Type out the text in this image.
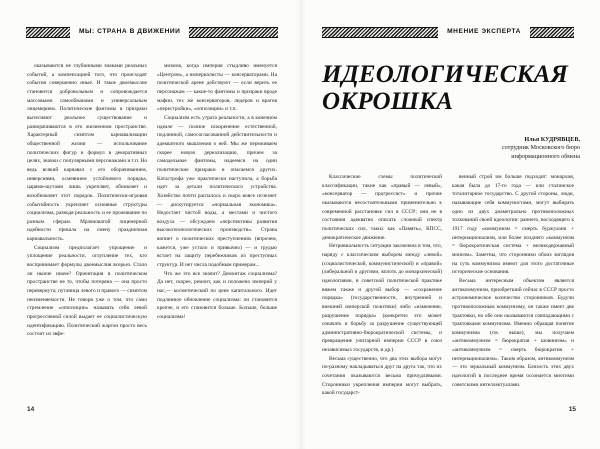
МЫ: СТРАНА В ДВИЖЕНИИ	МНЕНИЕ ЭКСПЕРТА
ИДЕОЛОГИЧЕСКАЯ ОКРОШКА
Илья КУДРЯВЦЕВ,
сотрудник Московского бюро
информационного обмена

оказываются не глубинными знаками реальных событий, а компенсацией того, что происходят события совершенно иные. И такое двоемыслие становится добровольным и сопровождается массовыми самообманами и универсальным лицемерием. Политические фантомы и призраки вытесняют реальное существование и разворачиваются в его жизненном пространстве. Характерный симптом карнавализации общественной жизни — использование политических фигур и формул в декоративных целях, значки с популярными персонажами и т.п. Но ведь всякий карнавал с его оборачиванием, инверсиями, осмеянием устойчивого порядка, царями-шутами лишь укрепляет, обновляет и возобновляет этот порядок. Политически-игровая событийность укрепляет основные структуры социализма, разводя реальность и ее проживание по разным сферам. Мрачноватой лицемерной идейности пришла на смену праздничная карнавальность.

Социализм предполагает упрощение и уплощение реальности, оглупление тех, кто воспринимает формулы двоемыслия всерьез. Стало ли нынче иначе? Ориентация в политическом пространстве не то, чтобы потеряна — она просто перевернута; путаница левого и правого — симптом неизменяемости. Не говоря уже о том, что само стремление «оппозиции» называть себя левой прогрессивной силой выдает ее социалистическую идентификацию. Политический жаргон просто весь состоит из эвфе-

мизмов, когда империя стыдливо именуется «Центром», а империалисты — консерваторами. На политической арене действуют — если верить ее персонажам — какие-то фантомы и призраки вроде мафии, тех же консерваторов, лидеров и врагов «перестройки», «оппозиции» и т.п.

Социализм есть утрата реальности, а в конечном идеале — полное искоренение естественной, подлинной, самосогласованной действительности и адекватного мышления о ней. Мы же переживаем скорее новую дереализацию, причем за самодельные фантомы, надеемся на одни политические призраки и опасаемся других. Катастрофа уже практически наступила, а борьба идет за детали политического устройства. Хозяйство почти распалось и скоро вовсе исчезнет — дискутируется «нормальная экономика». Недостает чистой воды, а местами и чистого воздуха — обсуждаем «перспективы развития высокотехнологических производств». Страна вопиет о политических преступлениях (впрочем, кажется, уже устало и привычно) — и грудью встает на защиту перебежчиков из преступных структур. И нет числа подобным примерам...

Что же это все значит? Демонтаж социализма? Да нет, скорее, ремонт, как и положено империй у нас,— косметический по цене капитального. Идет подлинное обновление социализма: он становится крепче, и его становится больше. Больше, больше социализма!

Классические схемы политической классификации, такие как «правый — левый», «консерватор — прогрессист» и прочие оказываются несостоятельными применительно к современной расстановке сил в СССР; они не в состоянии адекватно описать сложный спектр политических сил, таких как «Память», КПСС, демократическое движение.

Нетривиальность ситуации заключена в том, что, наряду с классическим выбором между «левой» (социалистической, коммунистической) и «правой» (либеральной и другими, вплоть до монархической) идеологиями, в советской политической практике вяжем также и другой выбор — «сохранение порядка» (государственности, внутренней и внешней имперской политики) либо «изменение, разрушение порядка» (конкретно это может означать и борьбу за разрушение существующей административно-бюрократической системы, и превращение унитарной империи СССР в союз независимых государств, и др.).

Весьма существенно, что два этих выбора могут по-разному накладываться друг на друга так, что их сочетания оказываются весьма причудливыми. Сторонники укрепления империи могут выбрать, какой государст-

венный строй им больше подходит: монархия, какая была до 17-го года — или сталинское тоталитарное государство. С другой стороны, люди, называющие себя коммунистами, могут выбирать одно из двух диаметрально противоположных толкований своей идеологии: раннего, восходящего к 1917 году «коммунизм = смерть буржуазии + интернационализм, или более позднего «коммунизм = бюрократическая система + великодержавный монизм». Заметны, что сторонники обоих взглядов на суть коммунизма имеют для этого достаточные исторические основания.

Весьма интересным объектом является антикоммунизм, приобретший сейчас в СССР просто астрономическое количество сторонников. Будучи противоположным коммунизму, он также имеет две трактовки, но обе они оказываются совпадающими с трактовками коммунизма. Именно обращая понятие коммунизма (см. выше), мы получаем «антикоммунизм = бюрократия + шовинизм» и «антикоммунизм = смерть бюрократии + интернационализм». Таким образом, антикоммунизм — это зеркальный коммунизм. Близость этих двух идеологий в последнее время осознается многими советскими интеллектуалами.

14	15
